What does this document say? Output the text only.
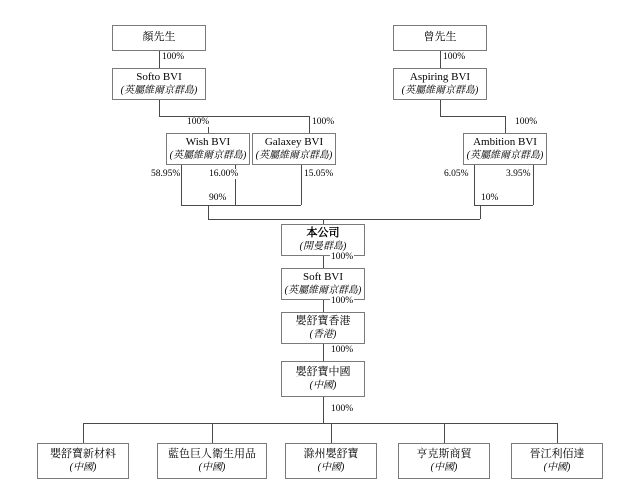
顏先生	曾先生
Softo BVI
(英屬維爾京群島)
Aspiring BVI
(英屬維爾京群島)
Wish BVI
(英屬維爾京群島)
Galaxey BVI
(英屬維爾京群島)
Ambition BVI
(英屬維爾京群島)
本公司
(開曼群島)
Soft BVI
(英屬維爾京群島)
嬰舒寶香港
(香港)
嬰舒寶中國
(中國)
嬰舒寶新材料
(中國)
藍色巨人衛生用品
(中國)
滁州嬰舒寶
(中國)
亨克斯商貿
(中國)
晉江利佰達
(中國)
100%	100%
100%	100%	100%
58.95%	16.00%	15.05%	6.05%	3.95%
90%	10%
100%
100%
100%
100%
